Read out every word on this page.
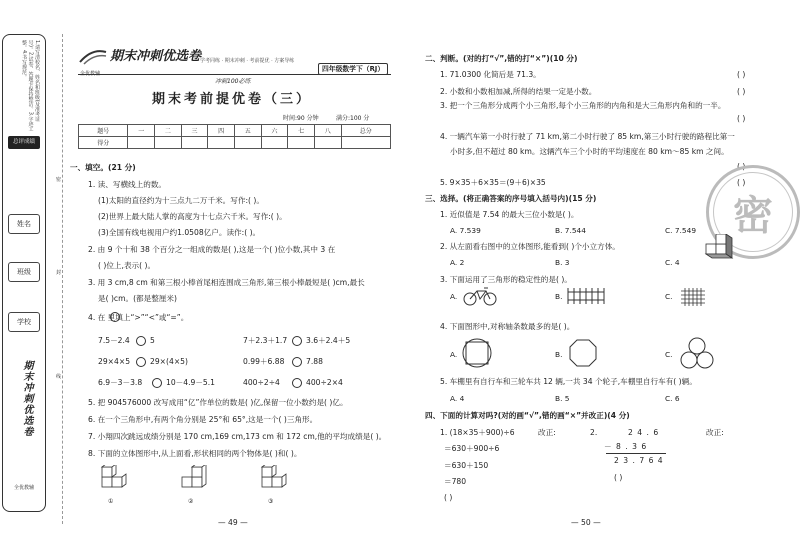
1.请写清校名、姓名和班级(及准考证号)。2.试卷、答题卡保持整洁。3.字迹工整。4.书写规范。
总评成绩
姓名
班级
学校
期末冲刺优选卷
全优教辅
密
封
线
全优教辅
期末冲刺优选卷
学考同练 · 期末冲刺 · 考前提优 · 方案导练
四年级数学下（RJ）
冲刺100必练
期末考前提优卷（三）
时间:90 分钟	满分:100 分
题号	一	二	三	四	五	六	七	八	总分
得分									
一、填空。(21 分)
1. 读、写横线上的数。
(1)太阳的直径约为十三点九二万千米。写作:( )。
(2)世界上最大陆人掌的高度为十七点六千米。写作:( )。
(3)全国有线电视用户约1.0508亿户。读作:( )。
2. 由 9 个十和 38 个百分之一组成的数是( ),这是一个( )位小数,其中 3 在
( )位上,表示( )。
3. 用 3 cm,8 cm 和第三根小棒首尾相连围成三角形,第三根小棒最短是( )cm,最长
是( )cm。(都是整厘米)
4. 在 里填上“>”“<”或“=”。
7.5－2.4	5	7＋2.3＋1.7 3.6＋2.4＋5
29×4×5	29×(4×5)	0.99＋6.88	7.88
6.9－3－3.8	10－4.9－5.1	400÷2÷4	400÷2×4
5. 把 904576000 改写成用“亿”作单位的数是( )亿,保留一位小数约是( )亿。
6. 在一个三角形中,有两个角分别是 25°和 65°,这是一个( )三角形。
7. 小翔四次跳远成绩分别是 170 cm,169 cm,173 cm 和 172 cm,他的平均成绩是( )。
8. 下面的立体图形中,从上面看,形状相同的两个物体是( )和( )。
①	②	③
— 49 —
二、判断。(对的打“√”,错的打“×”)(10 分)
1. 71.0300 化简后是 71.3。	( )
2. 小数和小数相加减,所得的结果一定是小数。	( )
3. 把一个三角形分成两个小三角形,每个小三角形的内角和是大三角形内角和的一半。
( )
4. 一辆汽车第一小时行驶了 71 km,第二小时行驶了 85 km,第三小时行驶的路程比第一
小时多,但不超过 80 km。这辆汽车三个小时的平均速度在 80 km～85 km 之间。
( )
5. 9×35＋6×35＝(9＋6)×35	( )
密
三、选择。(将正确答案的序号填入括号内)(15 分)
1. 近似值是 7.54 的最大三位小数是( )。
A. 7.539	B. 7.544	C. 7.549
2. 从左面看右图中的立体图形,能看到( )个小立方体。
A. 2	B. 3	C. 4
3. 下面运用了三角形的稳定性的是( )。
A.	B.	C.
4. 下面图形中,对称轴条数最多的是( )。
A.	B.	C.
5. 车棚里有自行车和三轮车共 12 辆,一共 34 个轮子,车棚里自行车有( )辆。
A. 4	B. 5	C. 6
四、下面的计算对吗?(对的画“√”,错的画“×”并改正)(4 分)
1. (18×35＋900)÷6	改正:
＝630＋900÷6
＝630＋150
＝780
( )
2.	2 4 . 6
－ 8 . 3 6
2 3 . 7 6 4
改正:
( )
— 50 —
